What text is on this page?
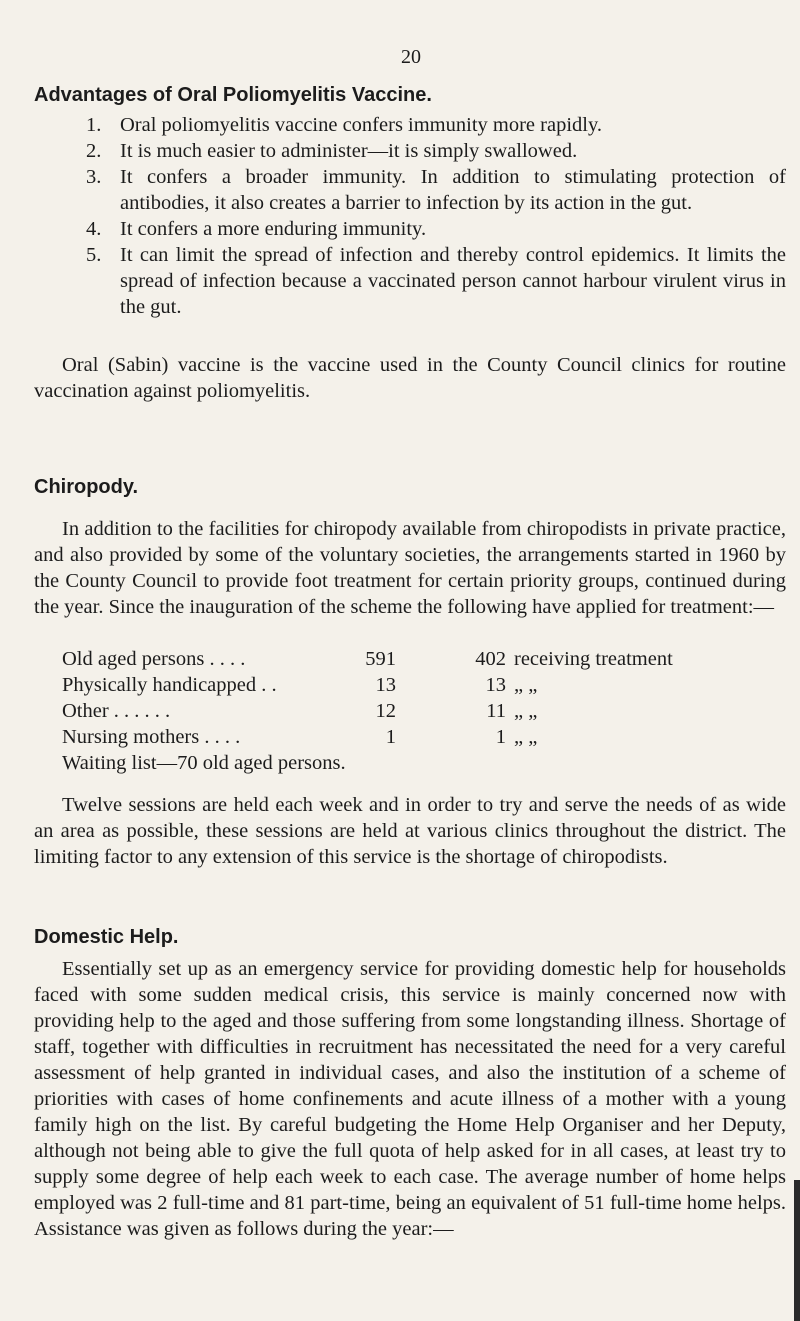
20
Advantages of Oral Poliomyelitis Vaccine.
1. Oral poliomyelitis vaccine confers immunity more rapidly.
2. It is much easier to administer—it is simply swallowed.
3. It confers a broader immunity. In addition to stimulating protection of antibodies, it also creates a barrier to infection by its action in the gut.
4. It confers a more enduring immunity.
5. It can limit the spread of infection and thereby control epidemics. It limits the spread of infection because a vaccinated person cannot harbour virulent virus in the gut.

Oral (Sabin) vaccine is the vaccine used in the County Council clinics for routine vaccination against poliomyelitis.

Chiropody.

In addition to the facilities for chiropody available from chiropodists in private practice, and also provided by some of the voluntary societies, the arrangements started in 1960 by the County Council to provide foot treatment for certain priority groups, continued during the year. Since the inauguration of the scheme the following have applied for treatment:—

Old aged persons . . . .	591	402	receiving treatment
Physically handicapped . .	13	13	„ „
Other . . . . . .	12	11	„ „
Nursing mothers . . . .	1	1	„ „
Waiting list—70 old aged persons.

Twelve sessions are held each week and in order to try and serve the needs of as wide an area as possible, these sessions are held at various clinics throughout the district. The limiting factor to any extension of this service is the shortage of chiropodists.

Domestic Help.

Essentially set up as an emergency service for providing domestic help for households faced with some sudden medical crisis, this service is mainly concerned now with providing help to the aged and those suffering from some longstanding illness. Shortage of staff, together with difficulties in recruitment has necessitated the need for a very careful assessment of help granted in individual cases, and also the institution of a scheme of priorities with cases of home confinements and acute illness of a mother with a young family high on the list. By careful budgeting the Home Help Organiser and her Deputy, although not being able to give the full quota of help asked for in all cases, at least try to supply some degree of help each week to each case. The average number of home helps employed was 2 full-time and 81 part-time, being an equivalent of 51 full-time home helps. Assistance was given as follows during the year:—
